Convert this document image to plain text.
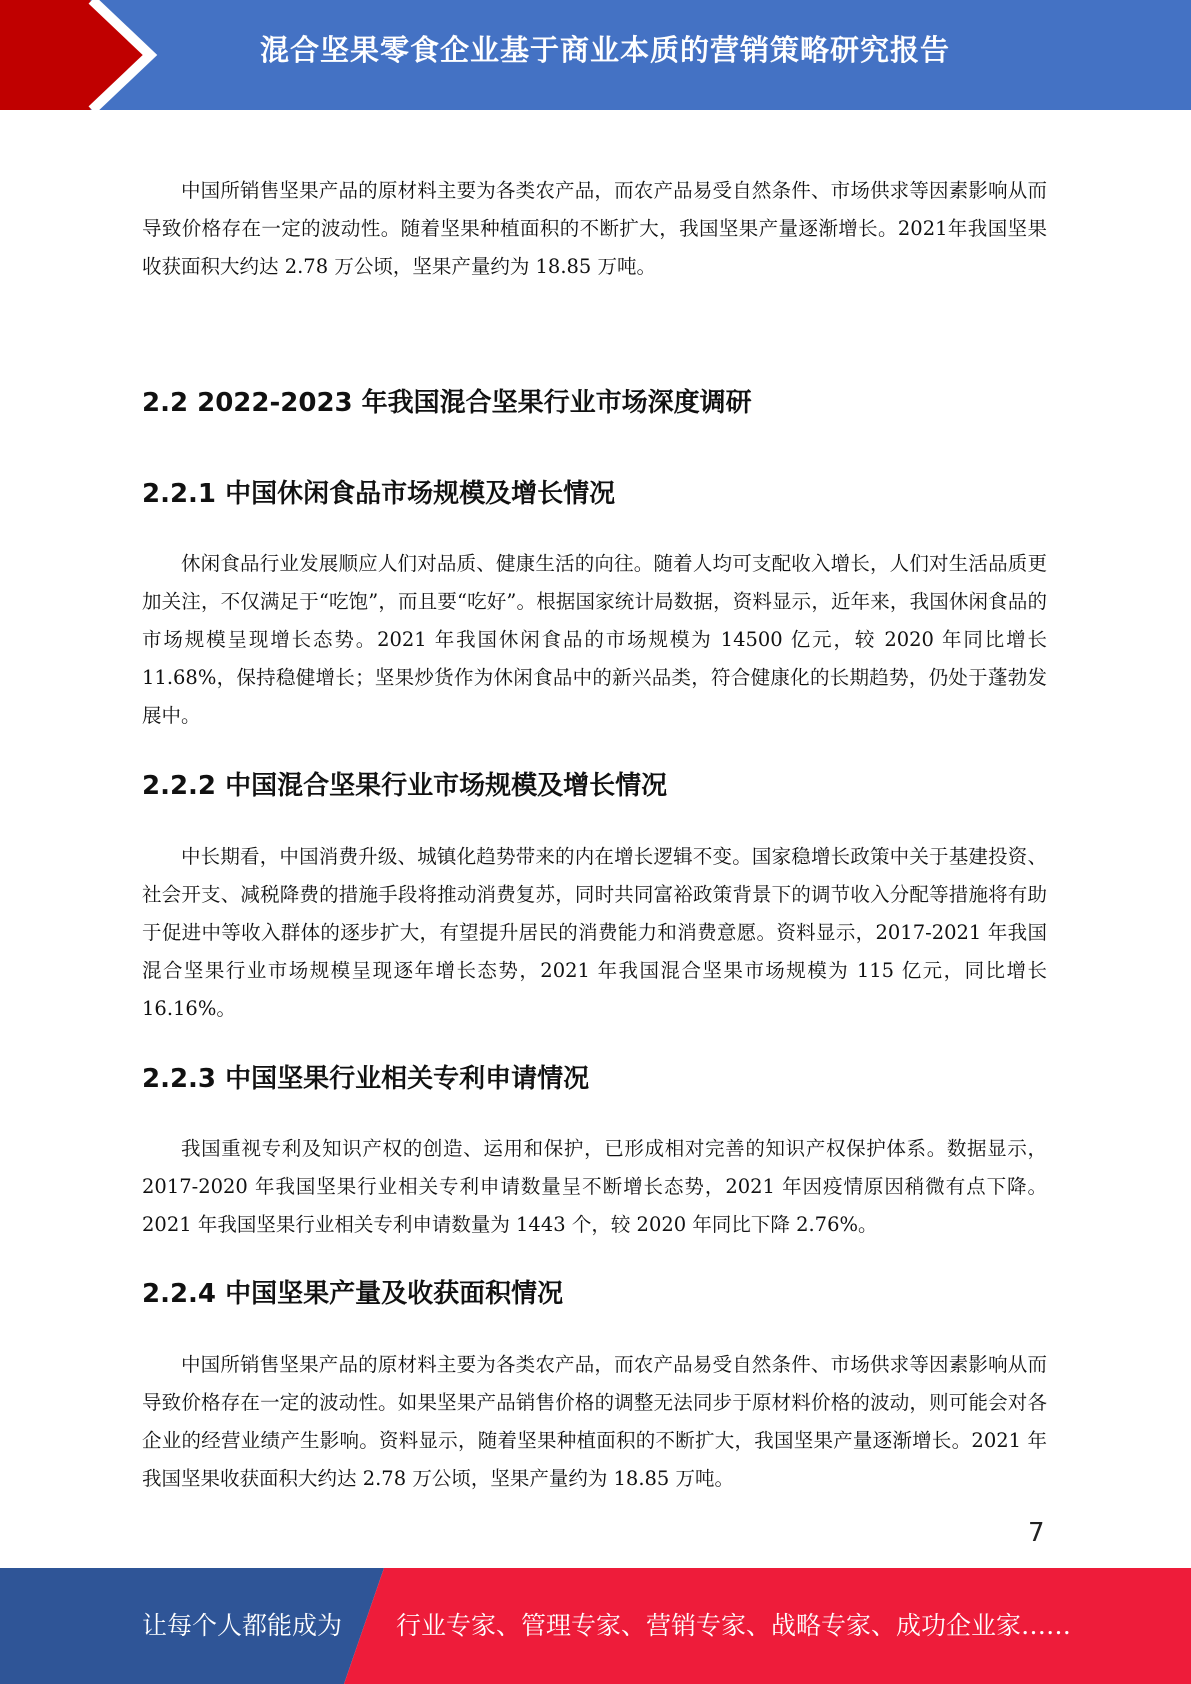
混合坚果零食企业基于商业本质的营销策略研究报告

中国所销售坚果产品的原材料主要为各类农产品，而农产品易受自然条件、市场供求等因素影响从而导致价格存在一定的波动性。随着坚果种植面积的不断扩大，我国坚果产量逐渐增长。2021年我国坚果收获面积大约达 2.78 万公顷，坚果产量约为 18.85 万吨。

2.2 2022-2023 年我国混合坚果行业市场深度调研
2.2.1 中国休闲食品市场规模及增长情况

休闲食品行业发展顺应人们对品质、健康生活的向往。随着人均可支配收入增长，人们对生活品质更加关注，不仅满足于“吃饱”，而且要“吃好”。根据国家统计局数据，资料显示，近年来，我国休闲食品的市场规模呈现增长态势。2021 年我国休闲食品的市场规模为 14500 亿元，较 2020 年同比增长 11.68%，保持稳健增长；坚果炒货作为休闲食品中的新兴品类，符合健康化的长期趋势，仍处于蓬勃发展中。

2.2.2 中国混合坚果行业市场规模及增长情况

中长期看，中国消费升级、城镇化趋势带来的内在增长逻辑不变。国家稳增长政策中关于基建投资、社会开支、减税降费的措施手段将推动消费复苏，同时共同富裕政策背景下的调节收入分配等措施将有助于促进中等收入群体的逐步扩大，有望提升居民的消费能力和消费意愿。资料显示，2017-2021 年我国混合坚果行业市场规模呈现逐年增长态势，2021 年我国混合坚果市场规模为 115 亿元，同比增长 16.16%。

2.2.3 中国坚果行业相关专利申请情况

我国重视专利及知识产权的创造、运用和保护，已形成相对完善的知识产权保护体系。数据显示，2017-2020 年我国坚果行业相关专利申请数量呈不断增长态势，2021 年因疫情原因稍微有点下降。2021 年我国坚果行业相关专利申请数量为 1443 个，较 2020 年同比下降 2.76%。

2.2.4 中国坚果产量及收获面积情况

中国所销售坚果产品的原材料主要为各类农产品，而农产品易受自然条件、市场供求等因素影响从而导致价格存在一定的波动性。如果坚果产品销售价格的调整无法同步于原材料价格的波动，则可能会对各企业的经营业绩产生影响。资料显示，随着坚果种植面积的不断扩大，我国坚果产量逐渐增长。2021 年我国坚果收获面积大约达 2.78 万公顷，坚果产量约为 18.85 万吨。

7
让每个人都能成为 行业专家、管理专家、营销专家、战略专家、成功企业家……
